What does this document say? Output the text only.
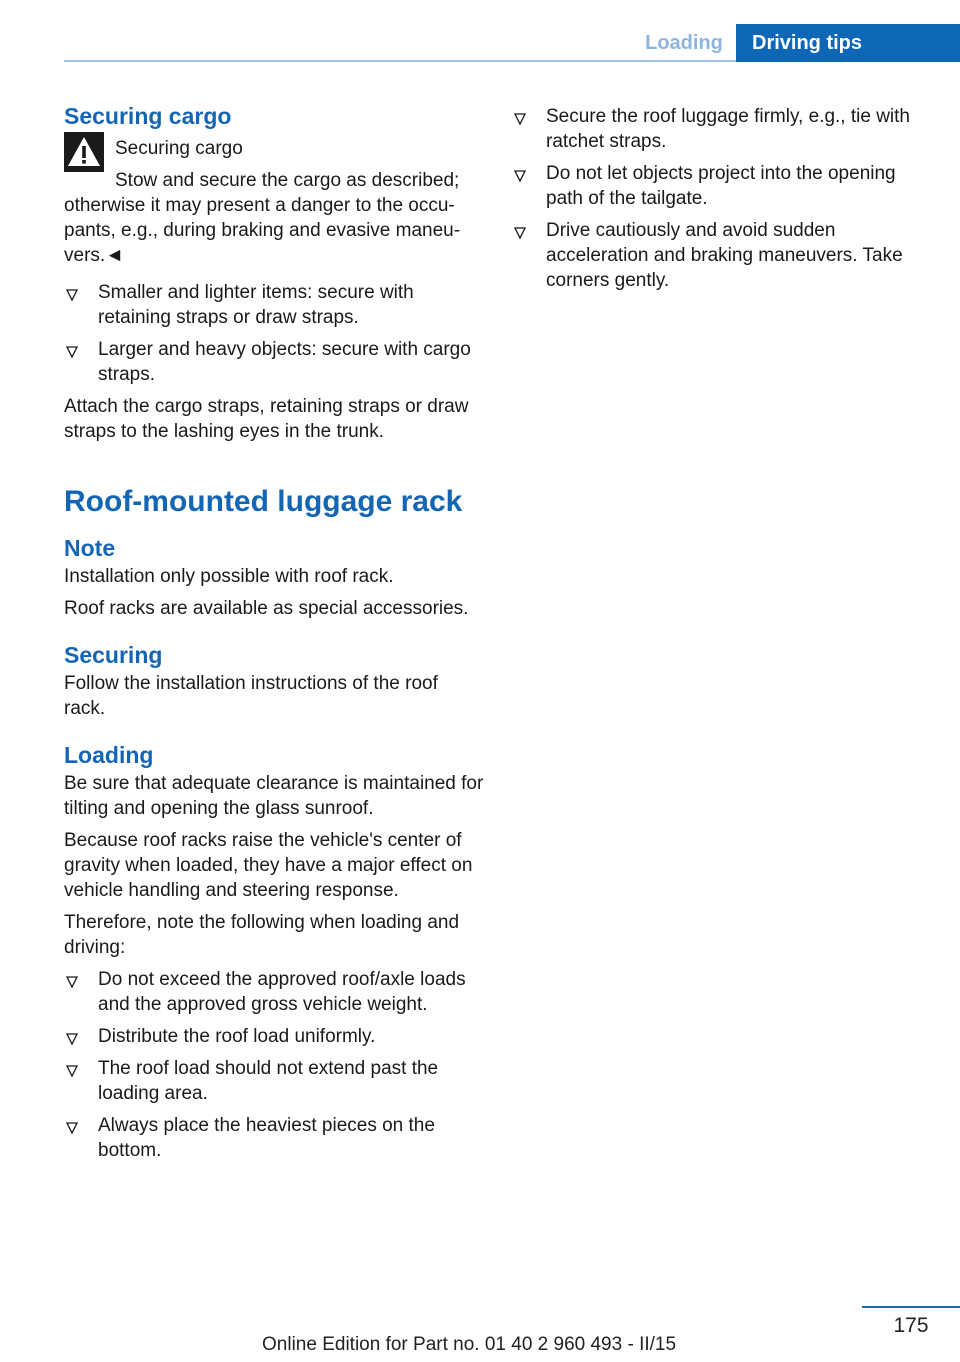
Loading	Driving tips
Securing cargo
Securing cargo
Stow and secure the cargo as described;

otherwise it may present a danger to the occu-

pants, e.g., during braking and evasive maneu-

vers.◄

Smaller and lighter items: secure with retaining straps or draw straps.
Larger and heavy objects: secure with cargo straps.

Attach the cargo straps, retaining straps or draw straps to the lashing eyes in the trunk.

Roof-mounted luggage rack
Note

Installation only possible with roof rack.

Roof racks are available as special accessories.

Securing

Follow the installation instructions of the roof rack.

Loading

Be sure that adequate clearance is maintained for tilting and opening the glass sunroof.

Because roof racks raise the vehicle's center of gravity when loaded, they have a major effect on vehicle handling and steering response.

Therefore, note the following when loading and driving:

Do not exceed the approved roof/axle loads and the approved gross vehicle weight.
Distribute the roof load uniformly.
The roof load should not extend past the loading area.
Always place the heaviest pieces on the bottom.
Secure the roof luggage firmly, e.g., tie with ratchet straps.
Do not let objects project into the opening path of the tailgate.
Drive cautiously and avoid sudden acceleration and braking maneuvers. Take corners gently.
175
Online Edition for Part no. 01 40 2 960 493 - II/15
